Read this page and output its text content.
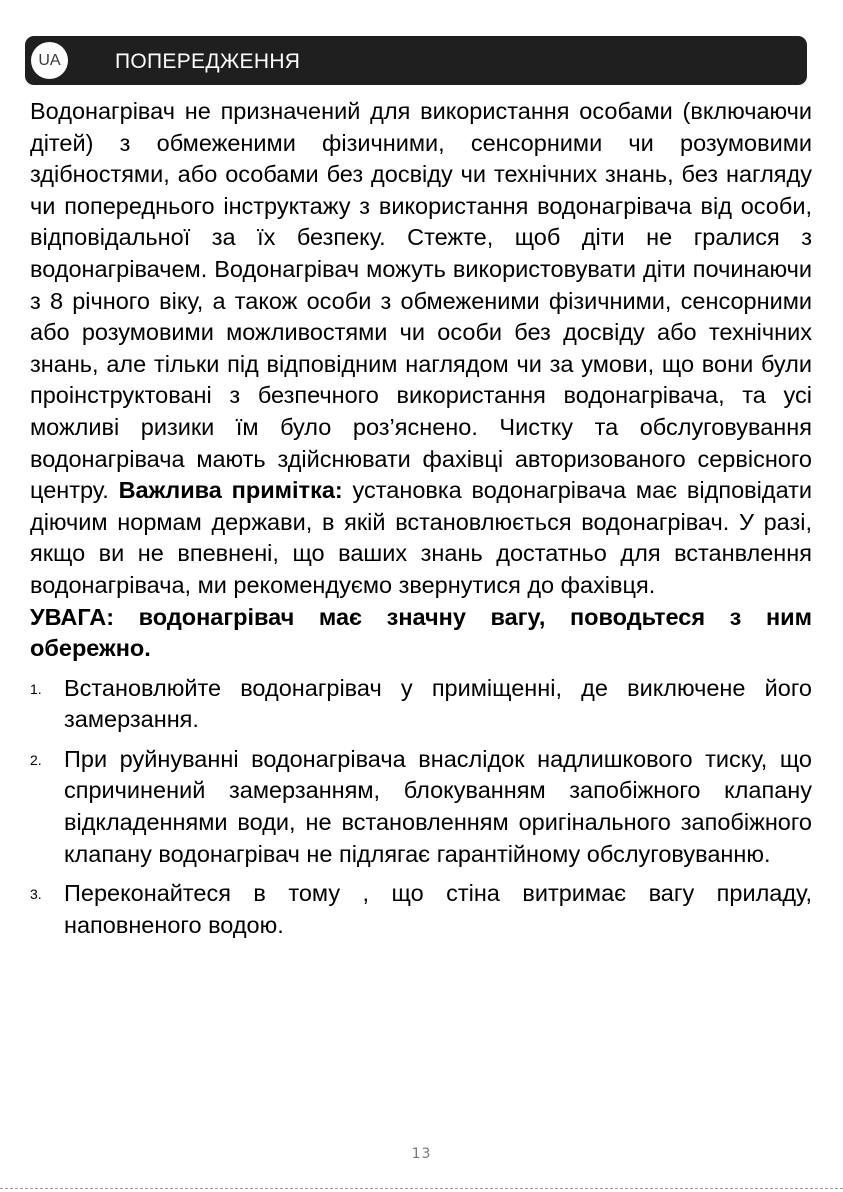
UA	ПОПЕРЕДЖЕННЯ

Водонагрівач не призначений для використання особами (включаючи дітей) з обмеженими фізичними, сенсорними чи розумовими здібностями, або особами без досвіду чи технічних знань, без нагляду чи попереднього інструктажу з використання водонагрівача від особи, відповідальної за їх безпеку. Стежте, щоб діти не гралися з водонагрівачем. Водонагрівач можуть використовувати діти починаючи з 8 річного віку, а також особи з обмеженими фізичними, сенсорними або розумовими можливостями чи особи без досвіду або технічних знань, але тільки під відповідним наглядом чи за умови, що вони були проінструктовані з безпечного використання водонагрівача, та усі можливі ризики їм було роз’яснено. Чистку та обслуговування водонагрівача мають здійснювати фахівці авторизованого сервісного центру. Важлива примітка: установка водонагрівача має відповідати діючим нормам держави, в якій встановлюється водонагрівач. У разі, якщо ви не впевнені, що ваших знань достатньо для встанвлення водонагрівача, ми рекомендуємо звернутися до фахівця.

УВАГА: водонагрівач має значну вагу, поводьтеся з ним обережно.

1. Встановлюйте водонагрівач у приміщенні, де виключене його замерзання.
2. При руйнуванні водонагрівача внаслідок надлишкового тиску, що спричинений замерзанням, блокуванням запобіжного клапану відкладеннями води, не встановленням оригінального запобіжного клапану водонагрівач не підлягає гарантійному обслуговуванню.
3. Переконайтеся в тому , що стіна витримає вагу приладу, наповненого водою.
13
